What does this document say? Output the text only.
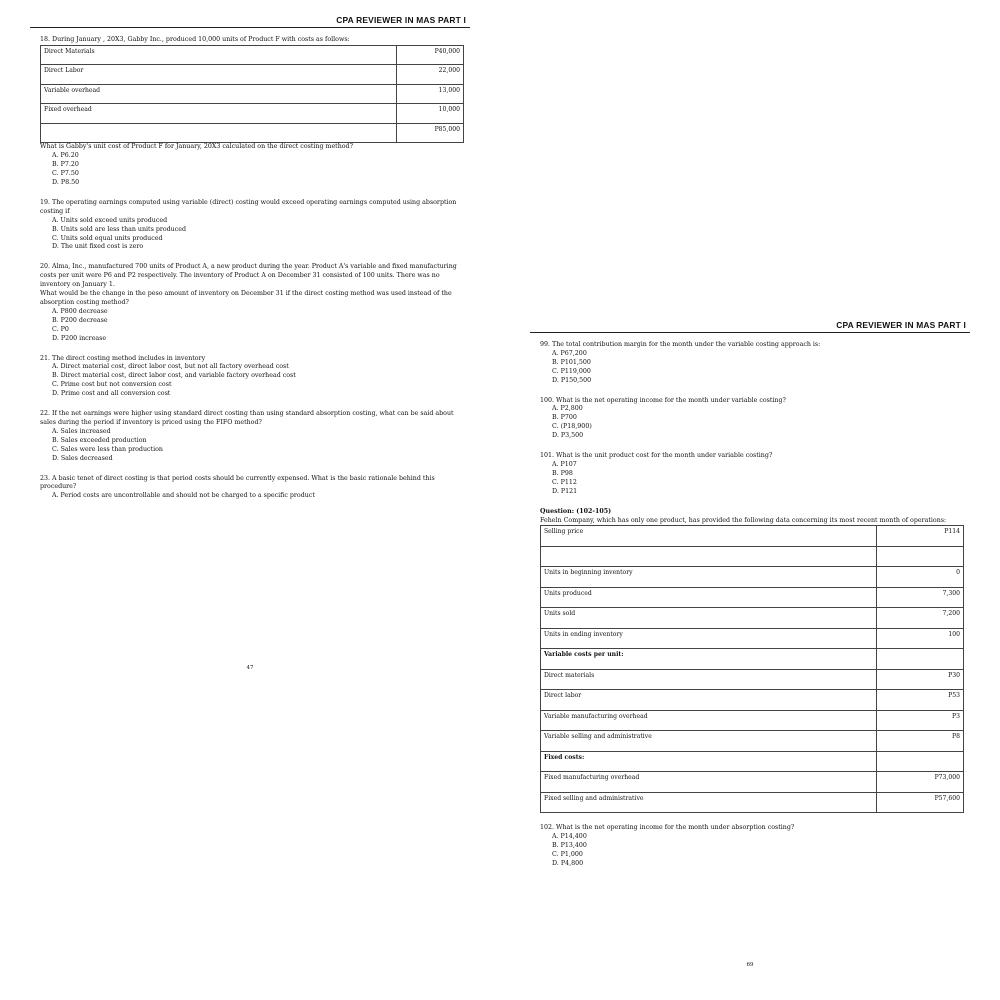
CPA REVIEWER IN MAS PART I

18. During January , 20X3, Gabby Inc., produced 10,000 units of Product F with costs as follows:

Direct Materials	P40,000
Direct Labor	22,000
Variable overhead	13,000
Fixed overhead	10,000
	P85,000

What is Gabby's unit cost of Product F for January, 20X3 calculated on the direct costing method?

A. P6.20

B. P7.20

C. P7.50

D. P8.50

19. The operating earnings computed using variable (direct) costing would exceed operating earnings computed using absorption costing if

A. Units sold exceed units produced

B. Units sold are less than units produced

C. Units sold equal units produced

D. The unit fixed cost is zero

20. Alma, Inc., manufactured 700 units of Product A, a new product during the year. Product A's variable and fixed manufacturing costs per unit were P6 and P2 respectively. The inventory of Product A on December 31 consisted of 100 units. There was no inventory on January 1.

What would be the change in the peso amount of inventory on December 31 if the direct costing method was used instead of the absorption costing method?

A. P800 decrease

B. P200 decrease

C. P0

D. P200 increase

21. The direct costing method includes in inventory

A. Direct material cost, direct labor cost, but not all factory overhead cost

B. Direct material cost, direct labor cost, and variable factory overhead cost

C. Prime cost but not conversion cost

D. Prime cost and all conversion cost

22. If the net earnings were higher using standard direct costing than using standard absorption costing, what can be said about sales during the period if inventory is priced using the FIFO method?

A. Sales increased

B. Sales exceeded production

C. Sales were less than production

D. Sales decreased

23. A basic tenet of direct costing is that period costs should be currently expensed. What is the basic rationale behind this procedure?

A. Period costs are uncontrollable and should not be charged to a specific product

47
CPA REVIEWER IN MAS PART I

99. The total contribution margin for the month under the variable costing approach is:

A. P67,200

B. P101,500

C. P119,000

D. P150,500

100. What is the net operating income for the month under variable costing?

A. P2,800

B. P700

C. (P18,900)

D. P3,500

101. What is the unit product cost for the month under variable costing?

A. P107

B. P98

C. P112

D. P121

Question: (102-105)

Feheln Company, which has only one product, has provided the following data concerning its most recent month of operations:

Selling price	P114

Units in beginning inventory	0
Units produced	7,300
Units sold	7,200
Units in ending inventory	100
Variable costs per unit:	
Direct materials	P30
Direct labor	P53
Variable manufacturing overhead	P3
Variable selling and administrative	P8
Fixed costs:	
Fixed manufacturing overhead	P73,000
Fixed selling and administrative	P57,600

102. What is the net operating income for the month under absorption costing?

A. P14,400

B. P13,400

C. P1,000

D. P4,800

69
